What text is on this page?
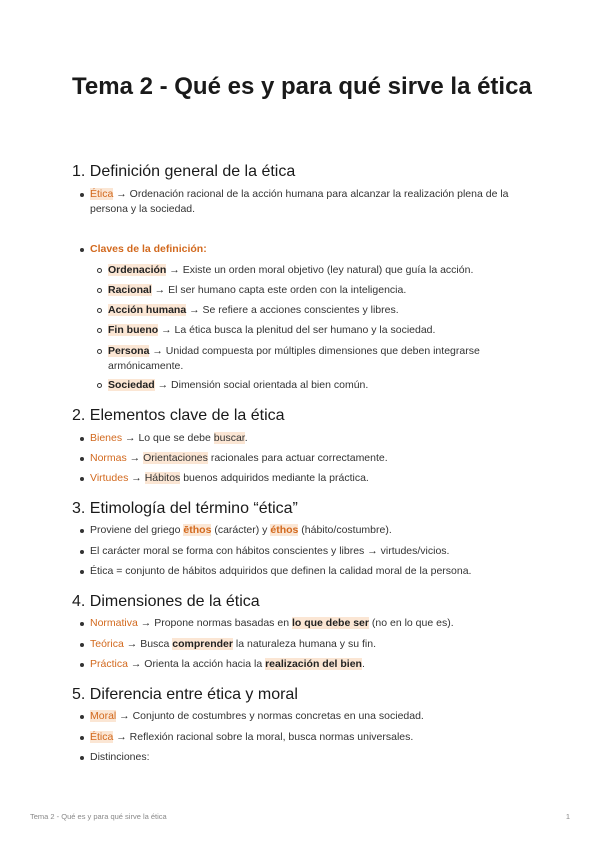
Tema 2 - Qué es y para qué sirve la ética
1. Definición general de la ética
Ética → Ordenación racional de la acción humana para alcanzar la realización plena de la persona y la sociedad.
Claves de la definición:
Ordenación → Existe un orden moral objetivo (ley natural) que guía la acción.
Racional → El ser humano capta este orden con la inteligencia.
Acción humana → Se refiere a acciones conscientes y libres.
Fin bueno → La ética busca la plenitud del ser humano y la sociedad.
Persona → Unidad compuesta por múltiples dimensiones que deben integrarse armónicamente.
Sociedad → Dimensión social orientada al bien común.
2. Elementos clave de la ética
Bienes → Lo que se debe buscar.
Normas → Orientaciones racionales para actuar correctamente.
Virtudes → Hábitos buenos adquiridos mediante la práctica.
3. Etimología del término “ética”
Proviene del griego ēthos (carácter) y éthos (hábito/costumbre).
El carácter moral se forma con hábitos conscientes y libres → virtudes/vicios.
Ética = conjunto de hábitos adquiridos que definen la calidad moral de la persona.
4. Dimensiones de la ética
Normativa → Propone normas basadas en lo que debe ser (no en lo que es).
Teórica → Busca comprender la naturaleza humana y su fin.
Práctica → Orienta la acción hacia la realización del bien.
5. Diferencia entre ética y moral
Moral → Conjunto de costumbres y normas concretas en una sociedad.
Ética → Reflexión racional sobre la moral, busca normas universales.
Distinciones:
Tema 2 - Qué es y para qué sirve la ética	1
